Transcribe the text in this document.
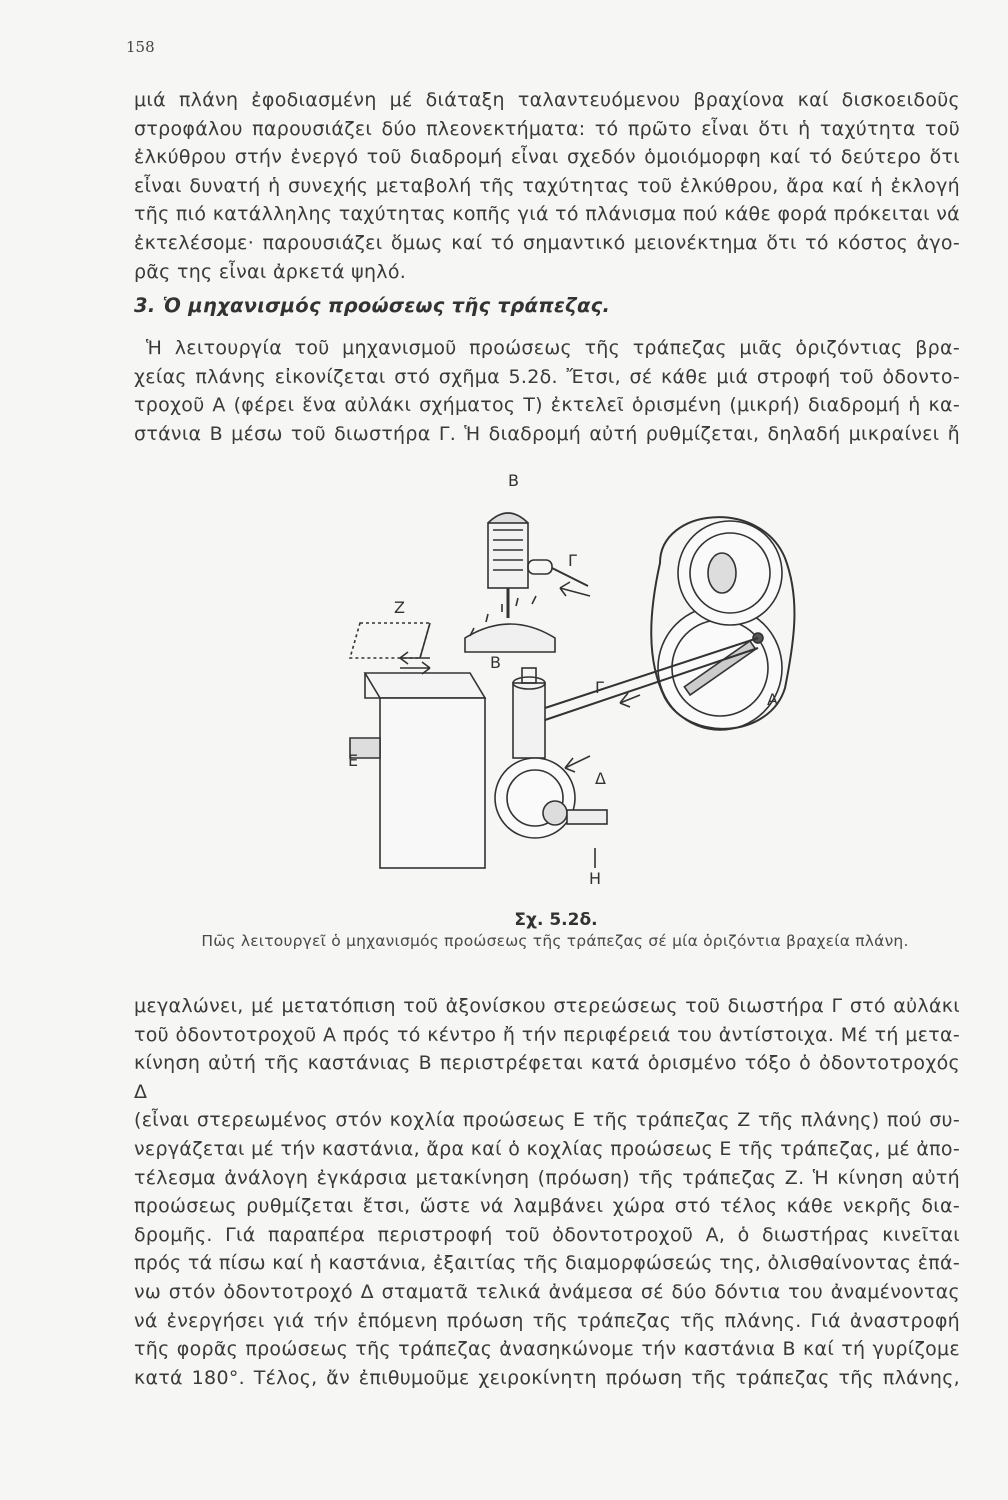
158
μιά πλάνη ἐφοδιασμένη μέ διάταξη ταλαντευόμενου βραχίονα καί δισκοειδοῦς
στροφάλου παρουσιάζει δύο πλεονεκτήματα: τό πρῶτο εἶναι ὅτι ἡ ταχύτητα τοῦ
ἐλκύθρου στήν ἐνεργό τοῦ διαδρομή εἶναι σχεδόν ὁμοιόμορφη καί τό δεύτερο ὅτι
εἶναι δυνατή ἡ συνεχής μεταβολή τῆς ταχύτητας τοῦ ἐλκύθρου, ἄρα καί ἡ ἐκλογή
τῆς πιό κατάλληλης ταχύτητας κοπῆς γιά τό πλάνισμα πού κάθε φορά πρόκειται νά
ἐκτελέσομε· παρουσιάζει ὅμως καί τό σημαντικό μειονέκτημα ὅτι τό κόστος ἀγο-
ρᾶς της εἶναι ἀρκετά ψηλό.
3. Ὁ μηχανισμός προώσεως τῆς τράπεζας.
Ἡ λειτουργία τοῦ μηχανισμοῦ προώσεως τῆς τράπεζας μιᾶς ὁριζόντιας βρα-
χείας πλάνης εἰκονίζεται στό σχῆμα 5.2δ. Ἔτσι, σέ κάθε μιά στροφή τοῦ ὀδοντο-
τροχοῦ Α (φέρει ἕνα αὐλάκι σχήματος Τ) ἐκτελεῖ ὁρισμένη (μικρή) διαδρομή ἡ κα-
στάνια Β μέσω τοῦ διωστήρα Γ. Ἡ διαδρομή αὐτή ρυθμίζεται, δηλαδή μικραίνει ἤ
B
Γ
Z
B
Γ
A
Ε
Δ
H
Σχ. 5.2δ.
Πῶς λειτουργεῖ ὁ μηχανισμός προώσεως τῆς τράπεζας σέ μία ὁριζόντια βραχεία πλάνη.
μεγαλώνει, μέ μετατόπιση τοῦ ἀξονίσκου στερεώσεως τοῦ διωστήρα Γ στό αὐλάκι
τοῦ ὀδοντοτροχοῦ Α πρός τό κέντρο ἤ τήν περιφέρειά του ἀντίστοιχα. Μέ τή μετα-
κίνηση αὐτή τῆς καστάνιας Β περιστρέφεται κατά ὁρισμένο τόξο ὁ ὀδοντοτροχός Δ
(εἶναι στερεωμένος στόν κοχλία προώσεως Ε τῆς τράπεζας Ζ τῆς πλάνης) πού συ-
νεργάζεται μέ τήν καστάνια, ἄρα καί ὁ κοχλίας προώσεως Ε τῆς τράπεζας, μέ ἀπο-
τέλεσμα ἀνάλογη ἐγκάρσια μετακίνηση (πρόωση) τῆς τράπεζας Ζ. Ἡ κίνηση αὐτή
προώσεως ρυθμίζεται ἔτσι, ὥστε νά λαμβάνει χώρα στό τέλος κάθε νεκρῆς δια-
δρομῆς. Γιά παραπέρα περιστροφή τοῦ ὀδοντοτροχοῦ Α, ὁ διωστήρας κινεῖται
πρός τά πίσω καί ἡ καστάνια, ἐξαιτίας τῆς διαμορφώσεώς της, ὀλισθαίνοντας ἐπά-
νω στόν ὀδοντοτροχό Δ σταματᾶ τελικά ἀνάμεσα σέ δύο δόντια του ἀναμένοντας
νά ἐνεργήσει γιά τήν ἑπόμενη πρόωση τῆς τράπεζας τῆς πλάνης. Γιά ἀναστροφή
τῆς φορᾶς προώσεως τῆς τράπεζας ἀνασηκώνομε τήν καστάνια Β καί τή γυρίζομε
κατά 180°. Τέλος, ἄν ἐπιθυμοῦμε χειροκίνητη πρόωση τῆς τράπεζας τῆς πλάνης,
